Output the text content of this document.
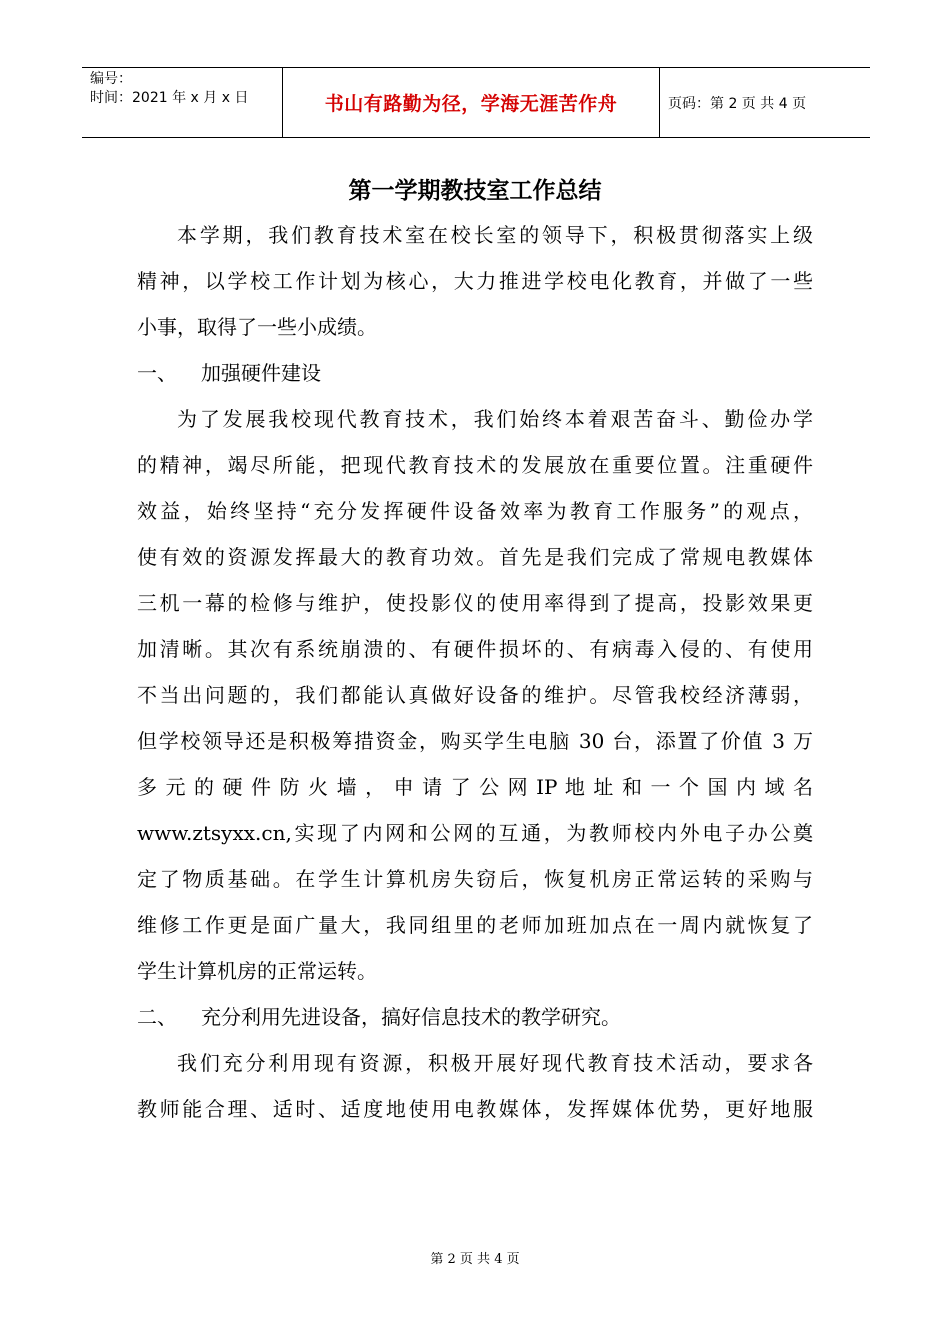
编号：
时间：2021 年 x 月 x 日	书山有路勤为径，学海无涯苦作舟	页码：第 2 页 共 4 页
第一学期教技室工作总结
本学期，我们教育技术室在校长室的领导下，积极贯彻落实上级
精神，以学校工作计划为核心，大力推进学校电化教育，并做了一些
小事，取得了一些小成绩。
一、	加强硬件建设
为了发展我校现代教育技术，我们始终本着艰苦奋斗、勤俭办学
的精神，竭尽所能，把现代教育技术的发展放在重要位置。注重硬件
效益，始终坚持“充分发挥硬件设备效率为教育工作服务”的观点，
使有效的资源发挥最大的教育功效。首先是我们完成了常规电教媒体
三机一幕的检修与维护，使投影仪的使用率得到了提高，投影效果更
加清晰。其次有系统崩溃的、有硬件损坏的、有病毒入侵的、有使用
不当出问题的，我们都能认真做好设备的维护。尽管我校经济薄弱，
但学校领导还是积极筹措资金，购买学生电脑 30 台，添置了价值 3 万
多 元 的 硬 件 防 火 墙 ， 申 请 了 公 网 IP 地 址 和 一 个 国 内 域 名
www.ztsyxx.cn,实现了内网和公网的互通，为教师校内外电子办公奠
定了物质基础。在学生计算机房失窃后，恢复机房正常运转的采购与
维修工作更是面广量大，我同组里的老师加班加点在一周内就恢复了
学生计算机房的正常运转。
二、	充分利用先进设备，搞好信息技术的教学研究。
我们充分利用现有资源，积极开展好现代教育技术活动，要求各
教师能合理、适时、适度地使用电教媒体，发挥媒体优势，更好地服
第 2 页 共 4 页
